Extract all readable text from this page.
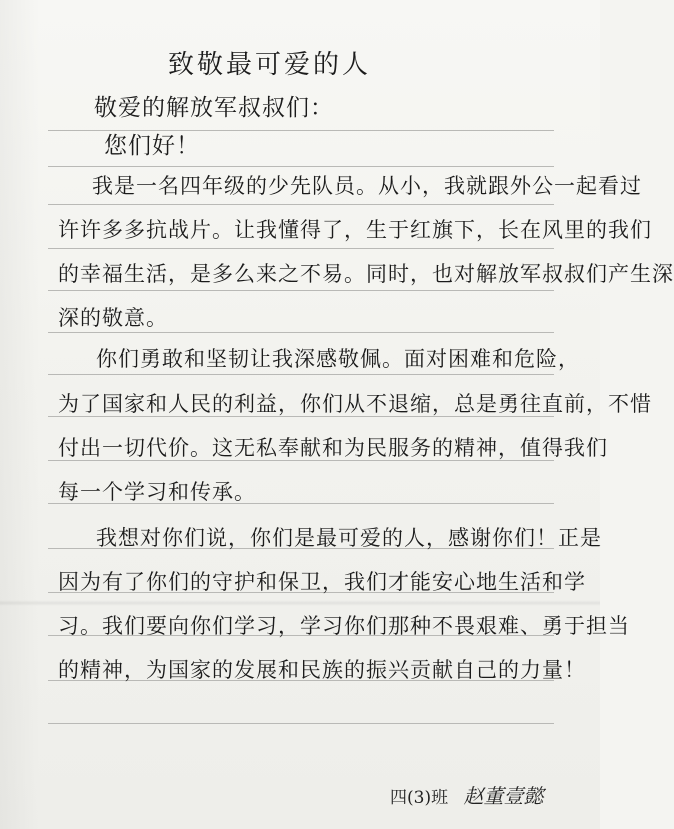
致敬最可爱的人
敬爱的解放军叔叔们：
您们好！
我是一名四年级的少先队员。从小，我就跟外公一起看过
许许多多抗战片。让我懂得了，生于红旗下，长在风里的我们
的幸福生活，是多么来之不易。同时，也对解放军叔叔们产生深
深的敬意。
你们勇敢和坚韧让我深感敬佩。面对困难和危险，
为了国家和人民的利益，你们从不退缩，总是勇往直前，不惜
付出一切代价。这无私奉献和为民服务的精神，值得我们
每一个学习和传承。
我想对你们说，你们是最可爱的人，感谢你们！正是
因为有了你们的守护和保卫，我们才能安心地生活和学
习。我们要向你们学习，学习你们那种不畏艰难、勇于担当
的精神，为国家的发展和民族的振兴贡献自己的力量！
四(3)班 赵董壹懿
